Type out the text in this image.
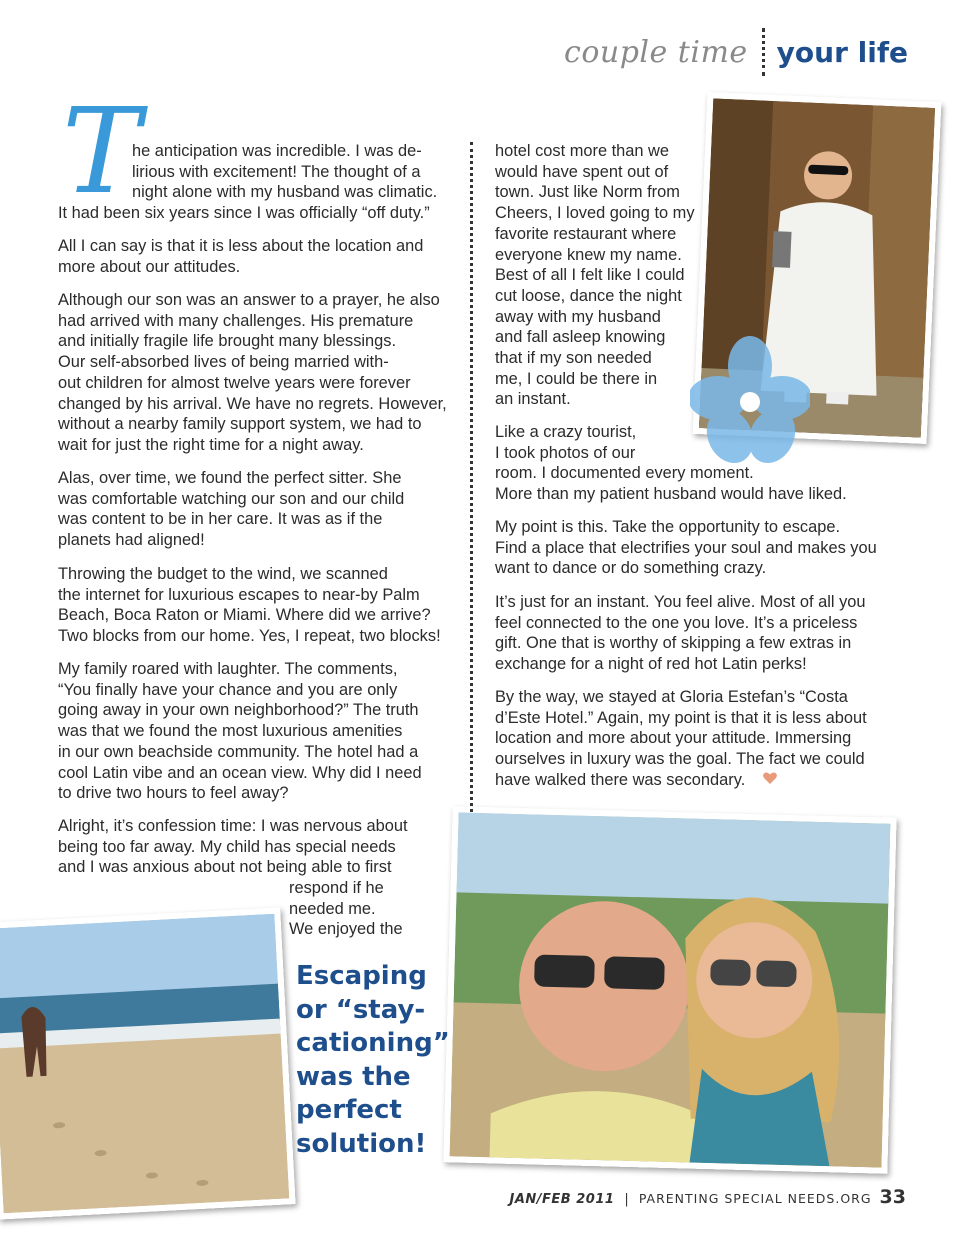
couple time your life
T
he anticipation was incredible. I was de-
lirious with excitement! The thought of a
night alone with my husband was climatic.
It had been six years since I was officially “off duty.”
All I can say is that it is less about the location and
more about our attitudes.
Although our son was an answer to a prayer, he also
had arrived with many challenges. His premature
and initially fragile life brought many blessings.
Our self-absorbed lives of being married with-
out children for almost twelve years were forever
changed by his arrival. We have no regrets. However,
without a nearby family support system, we had to
wait for just the right time for a night away.
Alas, over time, we found the perfect sitter. She
was comfortable watching our son and our child
was content to be in her care. It was as if the
planets had aligned!
Throwing the budget to the wind, we scanned
the internet for luxurious escapes to near-by Palm
Beach, Boca Raton or Miami. Where did we arrive?
Two blocks from our home. Yes, I repeat, two blocks!
My family roared with laughter. The comments,
“You finally have your chance and you are only
going away in your own neighborhood?” The truth
was that we found the most luxurious amenities
in our own beachside community. The hotel had a
cool Latin vibe and an ocean view. Why did I need
to drive two hours to feel away?
Alright, it’s confession time: I was nervous about
being too far away. My child has special needs
and I was anxious about not being able to first
respond if he
needed me.
We enjoyed the
Escaping
or “stay-
cationing”
was the
perfect
solution!
hotel cost more than we
would have spent out of
town. Just like Norm from
Cheers, I loved going to my
favorite restaurant where
everyone knew my name.
Best of all I felt like I could
cut loose, dance the night
away with my husband
and fall asleep knowing
that if my son needed
me, I could be there in
an instant.
Like a crazy tourist,
I took photos of our
room. I documented every moment.
More than my patient husband would have liked.
My point is this. Take the opportunity to escape.
Find a place that electrifies your soul and makes you
want to dance or do something crazy.
It’s just for an instant. You feel alive. Most of all you
feel connected to the one you love. It’s a priceless
gift. One that is worthy of skipping a few extras in
exchange for a night of red hot Latin perks!
By the way, we stayed at Gloria Estefan’s “Costa
d’Este Hotel.” Again, my point is that it is less about
location and more about your attitude. Immersing
ourselves in luxury was the goal. The fact we could
have walked there was secondary.
JAN/FEB 2011 | PARENTING SPECIAL NEEDS.ORG 33
